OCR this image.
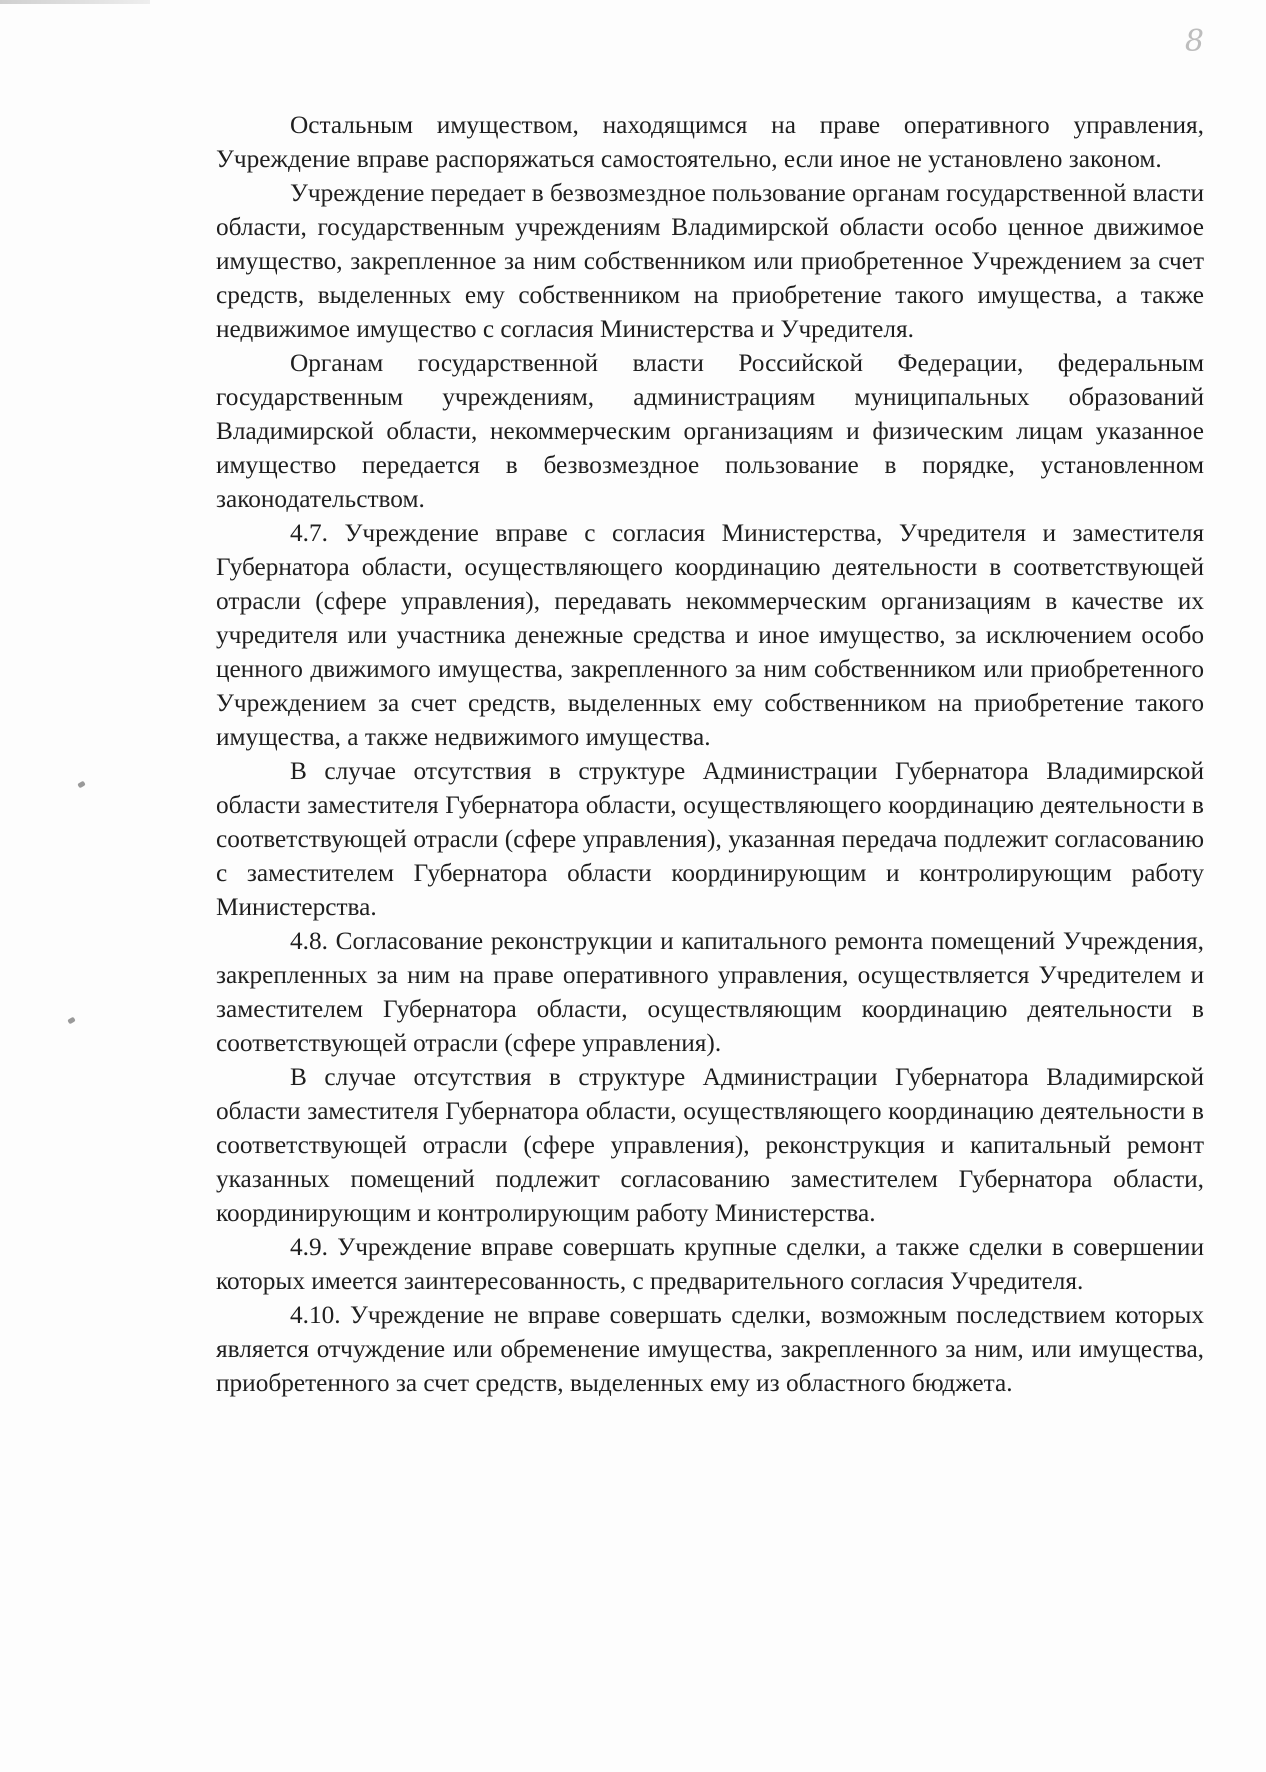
8

Остальным имуществом, находящимся на праве оперативного управления, Учреждение вправе распоряжаться самостоятельно, если иное не установлено законом.

Учреждение передает в безвозмездное пользование органам государственной власти области, государственным учреждениям Владимирской области особо ценное движимое имущество, закрепленное за ним собственником или приобретенное Учреждением за счет средств, выделенных ему собственником на приобретение такого имущества, а также недвижимое имущество с согласия Министерства и Учредителя.

Органам государственной власти Российской Федерации, федеральным государственным учреждениям, администрациям муниципальных образований Владимирской области, некоммерческим организациям и физическим лицам указанное имущество передается в безвозмездное пользование в порядке, установленном законодательством.

4.7. Учреждение вправе с согласия Министерства, Учредителя и заместителя Губернатора области, осуществляющего координацию деятельности в соответствующей отрасли (сфере управления), передавать некоммерческим организациям в качестве их учредителя или участника денежные средства и иное имущество, за исключением особо ценного движимого имущества, закрепленного за ним собственником или приобретенного Учреждением за счет средств, выделенных ему собственником на приобретение такого имущества, а также недвижимого имущества.

В случае отсутствия в структуре Администрации Губернатора Владимирской области заместителя Губернатора области, осуществляющего координацию деятельности в соответствующей отрасли (сфере управления), указанная передача подлежит согласованию с заместителем Губернатора области координирующим и контролирующим работу Министерства.

4.8. Согласование реконструкции и капитального ремонта помещений Учреждения, закрепленных за ним на праве оперативного управления, осуществляется Учредителем и заместителем Губернатора области, осуществляющим координацию деятельности в соответствующей отрасли (сфере управления).

В случае отсутствия в структуре Администрации Губернатора Владимирской области заместителя Губернатора области, осуществляющего координацию деятельности в соответствующей отрасли (сфере управления), реконструкция и капитальный ремонт указанных помещений подлежит согласованию заместителем Губернатора области, координирующим и контролирующим работу Министерства.

4.9. Учреждение вправе совершать крупные сделки, а также сделки в совершении которых имеется заинтересованность, с предварительного согласия Учредителя.

4.10. Учреждение не вправе совершать сделки, возможным последствием которых является отчуждение или обременение имущества, закрепленного за ним, или имущества, приобретенного за счет средств, выделенных ему из областного бюджета.
